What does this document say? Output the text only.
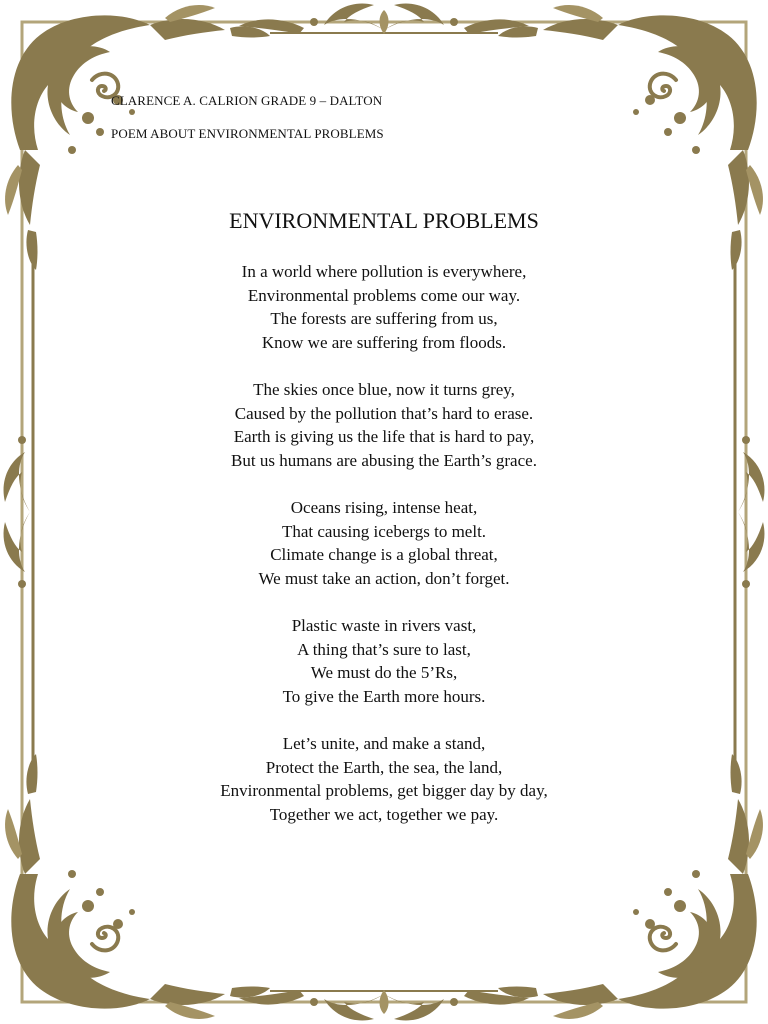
CLARENCE A. CALRION GRADE 9 – DALTON

POEM ABOUT ENVIRONMENTAL PROBLEMS

ENVIRONMENTAL PROBLEMS
In a world where pollution is everywhere,
Environmental problems come our way.
The forests are suffering from us,
Know we are suffering from floods.
The skies once blue, now it turns grey,
Caused by the pollution that’s hard to erase.
Earth is giving us the life that is hard to pay,
But us humans are abusing the Earth’s grace.
Oceans rising, intense heat,
That causing icebergs to melt.
Climate change is a global threat,
We must take an action, don’t forget.
Plastic waste in rivers vast,
A thing that’s sure to last,
We must do the 5’Rs,
To give the Earth more hours.
Let’s unite, and make a stand,
Protect the Earth, the sea, the land,
Environmental problems, get bigger day by day,
Together we act, together we pay.
